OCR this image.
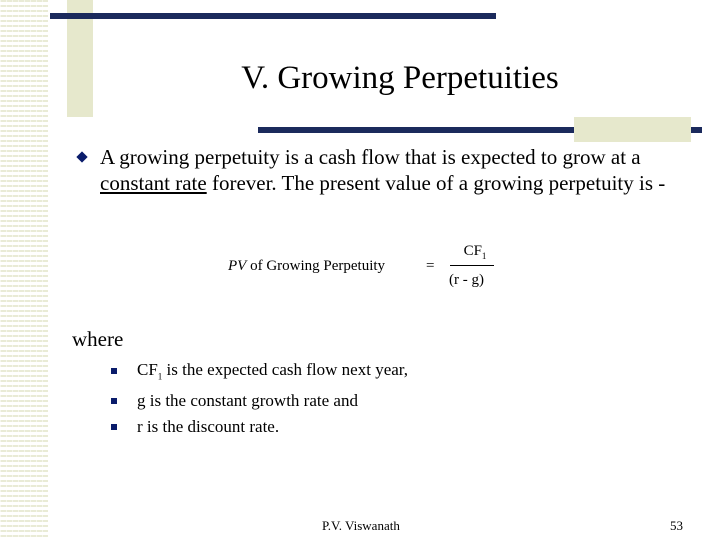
V. Growing Perpetuities
A growing perpetuity is a cash flow that is expected to grow at a constant rate forever. The present value of a growing perpetuity is -
PV of Growing Perpetuity	=
$CF_1$
(r - g)
where
$CF_1$ is the expected cash flow next year,
g is the constant growth rate and
r is the discount rate.
P.V. Viswanath	53
